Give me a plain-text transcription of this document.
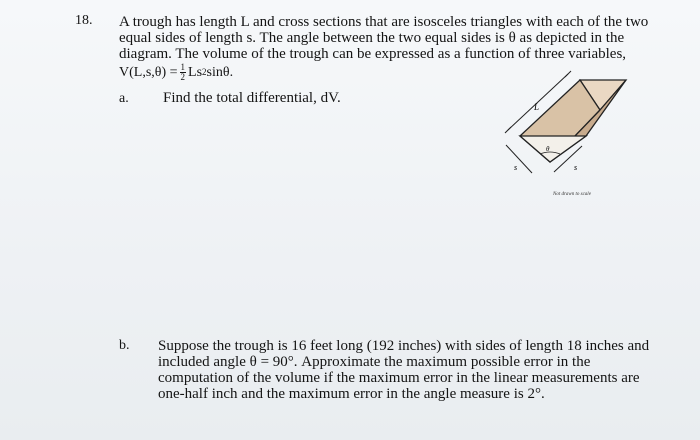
18. A trough has length L and cross sections that are isosceles triangles with each of the two
equal sides of length s. The angle between the two equal sides is θ as depicted in the
diagram. The volume of the trough can be expressed as a function of three variables,
$V(L,s,\theta) = \frac{1}{2}$ Ls 2 sinθ.
a. Find the total differential, dV.
L
s	s
θ
Not drawn to scale
b. Suppose the trough is 16 feet long (192 inches) with sides of length 18 inches and
included angle θ = 90°. Approximate the maximum possible error in the
computation of the volume if the maximum error in the linear measurements are
one-half inch and the maximum error in the angle measure is 2°.
